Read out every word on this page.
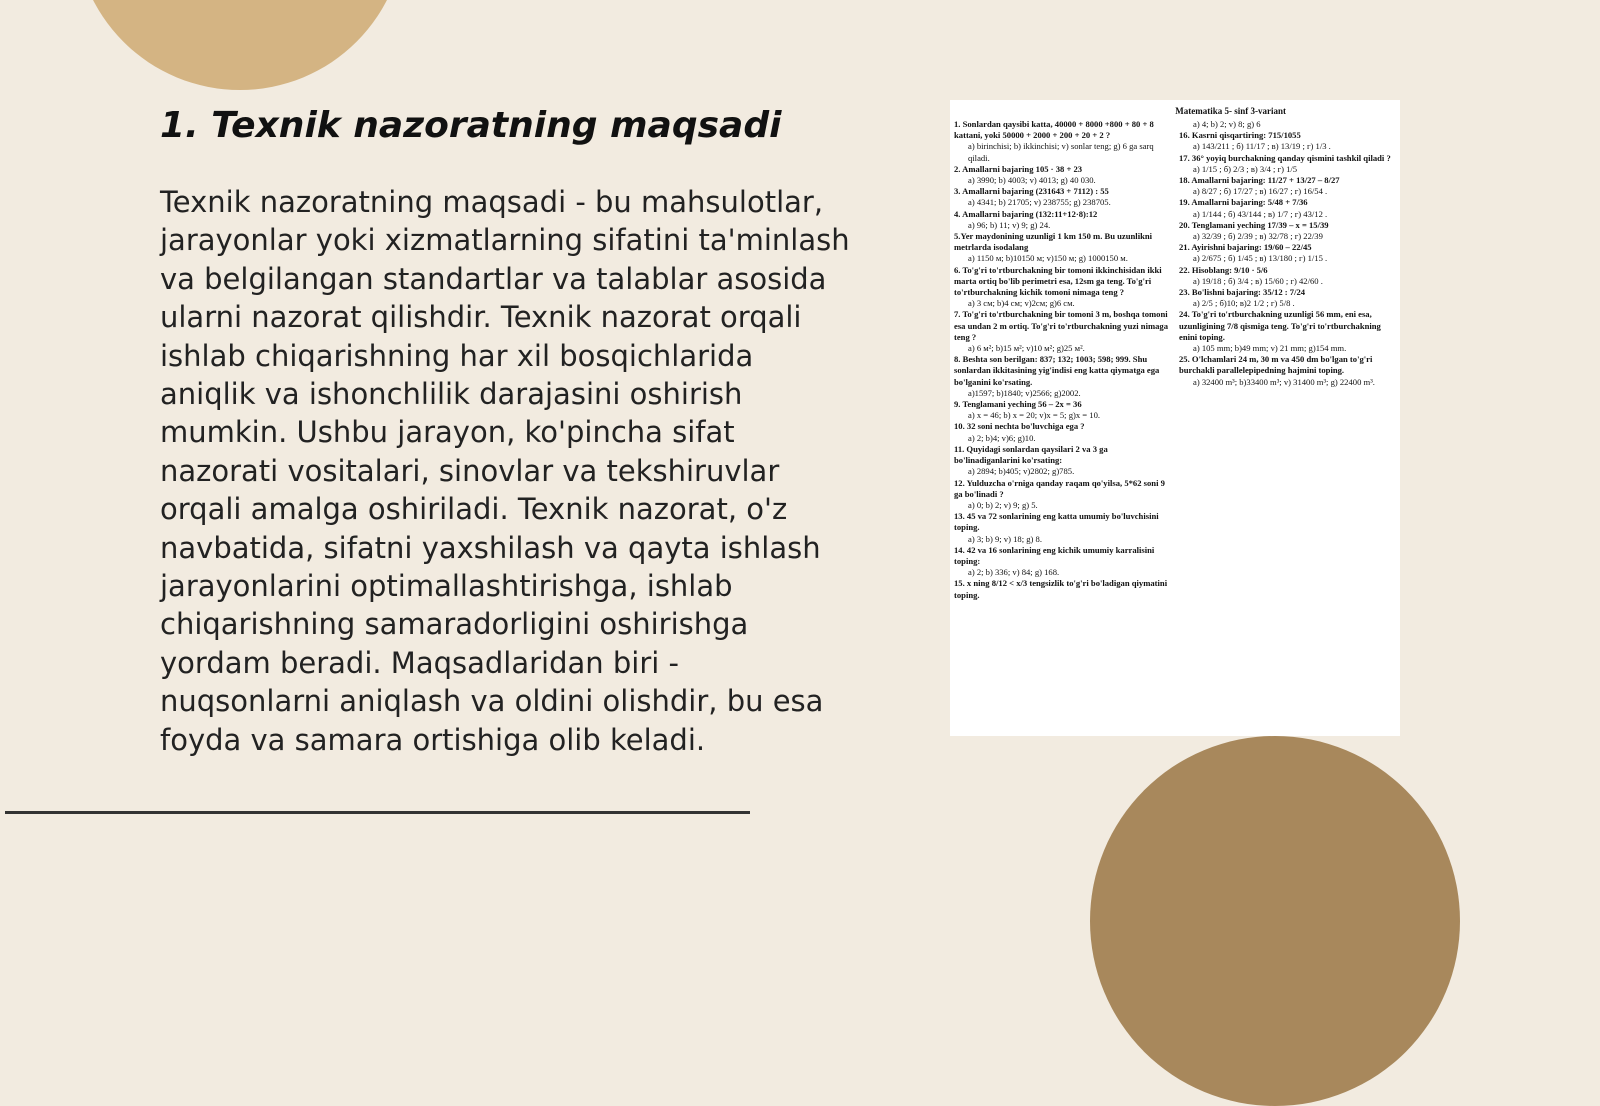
1. Texnik nazoratning maqsadi

Texnik nazoratning maqsadi - bu mahsulotlar, jarayonlar yoki xizmatlarning sifatini ta'minlash va belgilangan standartlar va talablar asosida ularni nazorat qilishdir. Texnik nazorat orqali ishlab chiqarishning har xil bosqichlarida aniqlik va ishonchlilik darajasini oshirish mumkin. Ushbu jarayon, ko'pincha sifat nazorati vositalari, sinovlar va tekshiruvlar orqali amalga oshiriladi. Texnik nazorat, o'z navbatida, sifatni yaxshilash va qayta ishlash jarayonlarini optimallashtirishga, ishlab chiqarishning samaradorligini oshirishga yordam beradi. Maqsadlaridan biri - nuqsonlarni aniqlash va oldini olishdir, bu esa foyda va samara ortishiga olib keladi.

Matematika 5- sinf 3-variant
1. Sonlardan qaysibi katta, 40000 + 8000 +800 + 80 + 8 kattani, yoki 50000 + 2000 + 200 + 20 + 2 ?
a) birinchisi; b) ikkinchisi; v) sonlar teng; g) 6 ga sarq qiladi.
2. Amallarni bajaring 105 · 38 + 23
a) 3990; b) 4003; v) 4013; g) 40 030.
3. Amallarni bajaring (231643 + 7112) : 55
a) 4341; b) 21705; v) 238755; g) 238705.
4. Amallarni bajaring (132:11+12·8):12
a) 96; b) 11; v) 9; g) 24.
5.Yer maydonining uzunligi 1 km 150 m. Bu uzunlikni metrlarda isodalang
a) 1150 м; b)10150 м; v)150 м; g) 1000150 м.
6. To'g'ri to'rtburchakning bir tomoni ikkinchisidan ikki marta ortiq bo'lib perimetri esa, 12sm ga teng. To'g'ri to'rtburchakning kichik tomoni nimaga teng ?
a) 3 см; b)4 см; v)2см; g)6 см.
7. To'g'ri to'rtburchakning bir tomoni 3 m, boshqa tomoni esa undan 2 m ortiq. To'g'ri to'rtburchakning yuzi nimaga teng ?
a) 6 м²; b)15 м²; v)10 м²; g)25 м².
8. Beshta son berilgan: 837; 132; 1003; 598; 999. Shu sonlardan ikkitasining yig'indisi eng katta qiymatga ega bo'lganini ko'rsating.
a)1597; b)1840; v)2566; g)2002.
9. Tenglamani yeching 56 – 2x = 36
a) x = 46; b) x = 20; v)x = 5; g)x = 10.
10. 32 soni nechta bo'luvchiga ega ?
a) 2; b)4; v)6; g)10.
11. Quyidagi sonlardan qaysilari 2 va 3 ga bo'linadiganlarini ko'rsating:
a) 2894; b)405; v)2802; g)785.
12. Yulduzcha o'rniga qanday raqam qo'yilsa, 5*62 soni 9 ga bo'linadi ?
a) 0; b) 2; v) 9; g) 5.
13. 45 va 72 sonlarining eng katta umumiy bo'luvchisini toping.
a) 3; b) 9; v) 18; g) 8.
14. 42 va 16 sonlarining eng kichik umumiy karralisini toping:
a) 2; b) 336; v) 84; g) 168.
15. x ning 8/12 < x/3 tengsizlik to'g'ri bo'ladigan qiymatini toping.
a) 4; b) 2; v) 8; g) 6
16. Kasrni qisqartiring: 715/1055
a) 143/211 ; б) 11/17 ; в) 13/19 ; г) 1/3 .
17. 36° yoyiq burchakning qanday qismini tashkil qiladi ?
a) 1/15 ; б) 2/3 ; в) 3/4 ; г) 1/5
18. Amallarni bajaring: 11/27 + 13/27 – 8/27
a) 8/27 ; б) 17/27 ; в) 16/27 ; г) 16/54 .
19. Amallarni bajaring: 5/48 + 7/36
a) 1/144 ; б) 43/144 ; в) 1/7 ; г) 43/12 .
20. Tenglamani yeching 17/39 – x = 15/39
a) 32/39 ; б) 2/39 ; в) 32/78 ; г) 22/39
21. Ayirishni bajaring: 19/60 – 22/45
a) 2/675 ; б) 1/45 ; в) 13/180 ; г) 1/15 .
22. Hisoblang: 9/10 · 5/6
a) 19/18 ; б) 3/4 ; в) 15/60 ; г) 42/60 .
23. Bo'lishni bajaring: 35/12 : 7/24
a) 2/5 ; б)10; в)2 1/2 ; г) 5/8 .
24. To'g'ri to'rtburchakning uzunligi 56 mm, eni esa, uzunligining 7/8 qismiga teng. To'g'ri to'rtburchakning enini toping.
a) 105 mm; b)49 mm; v) 21 mm; g)154 mm.
25. O'lchamlari 24 m, 30 m va 450 dm bo'lgan to'g'ri burchakli parallelepipedning hajmini toping.
a) 32400 m³; b)33400 m³; v) 31400 m³; g) 22400 m³.
